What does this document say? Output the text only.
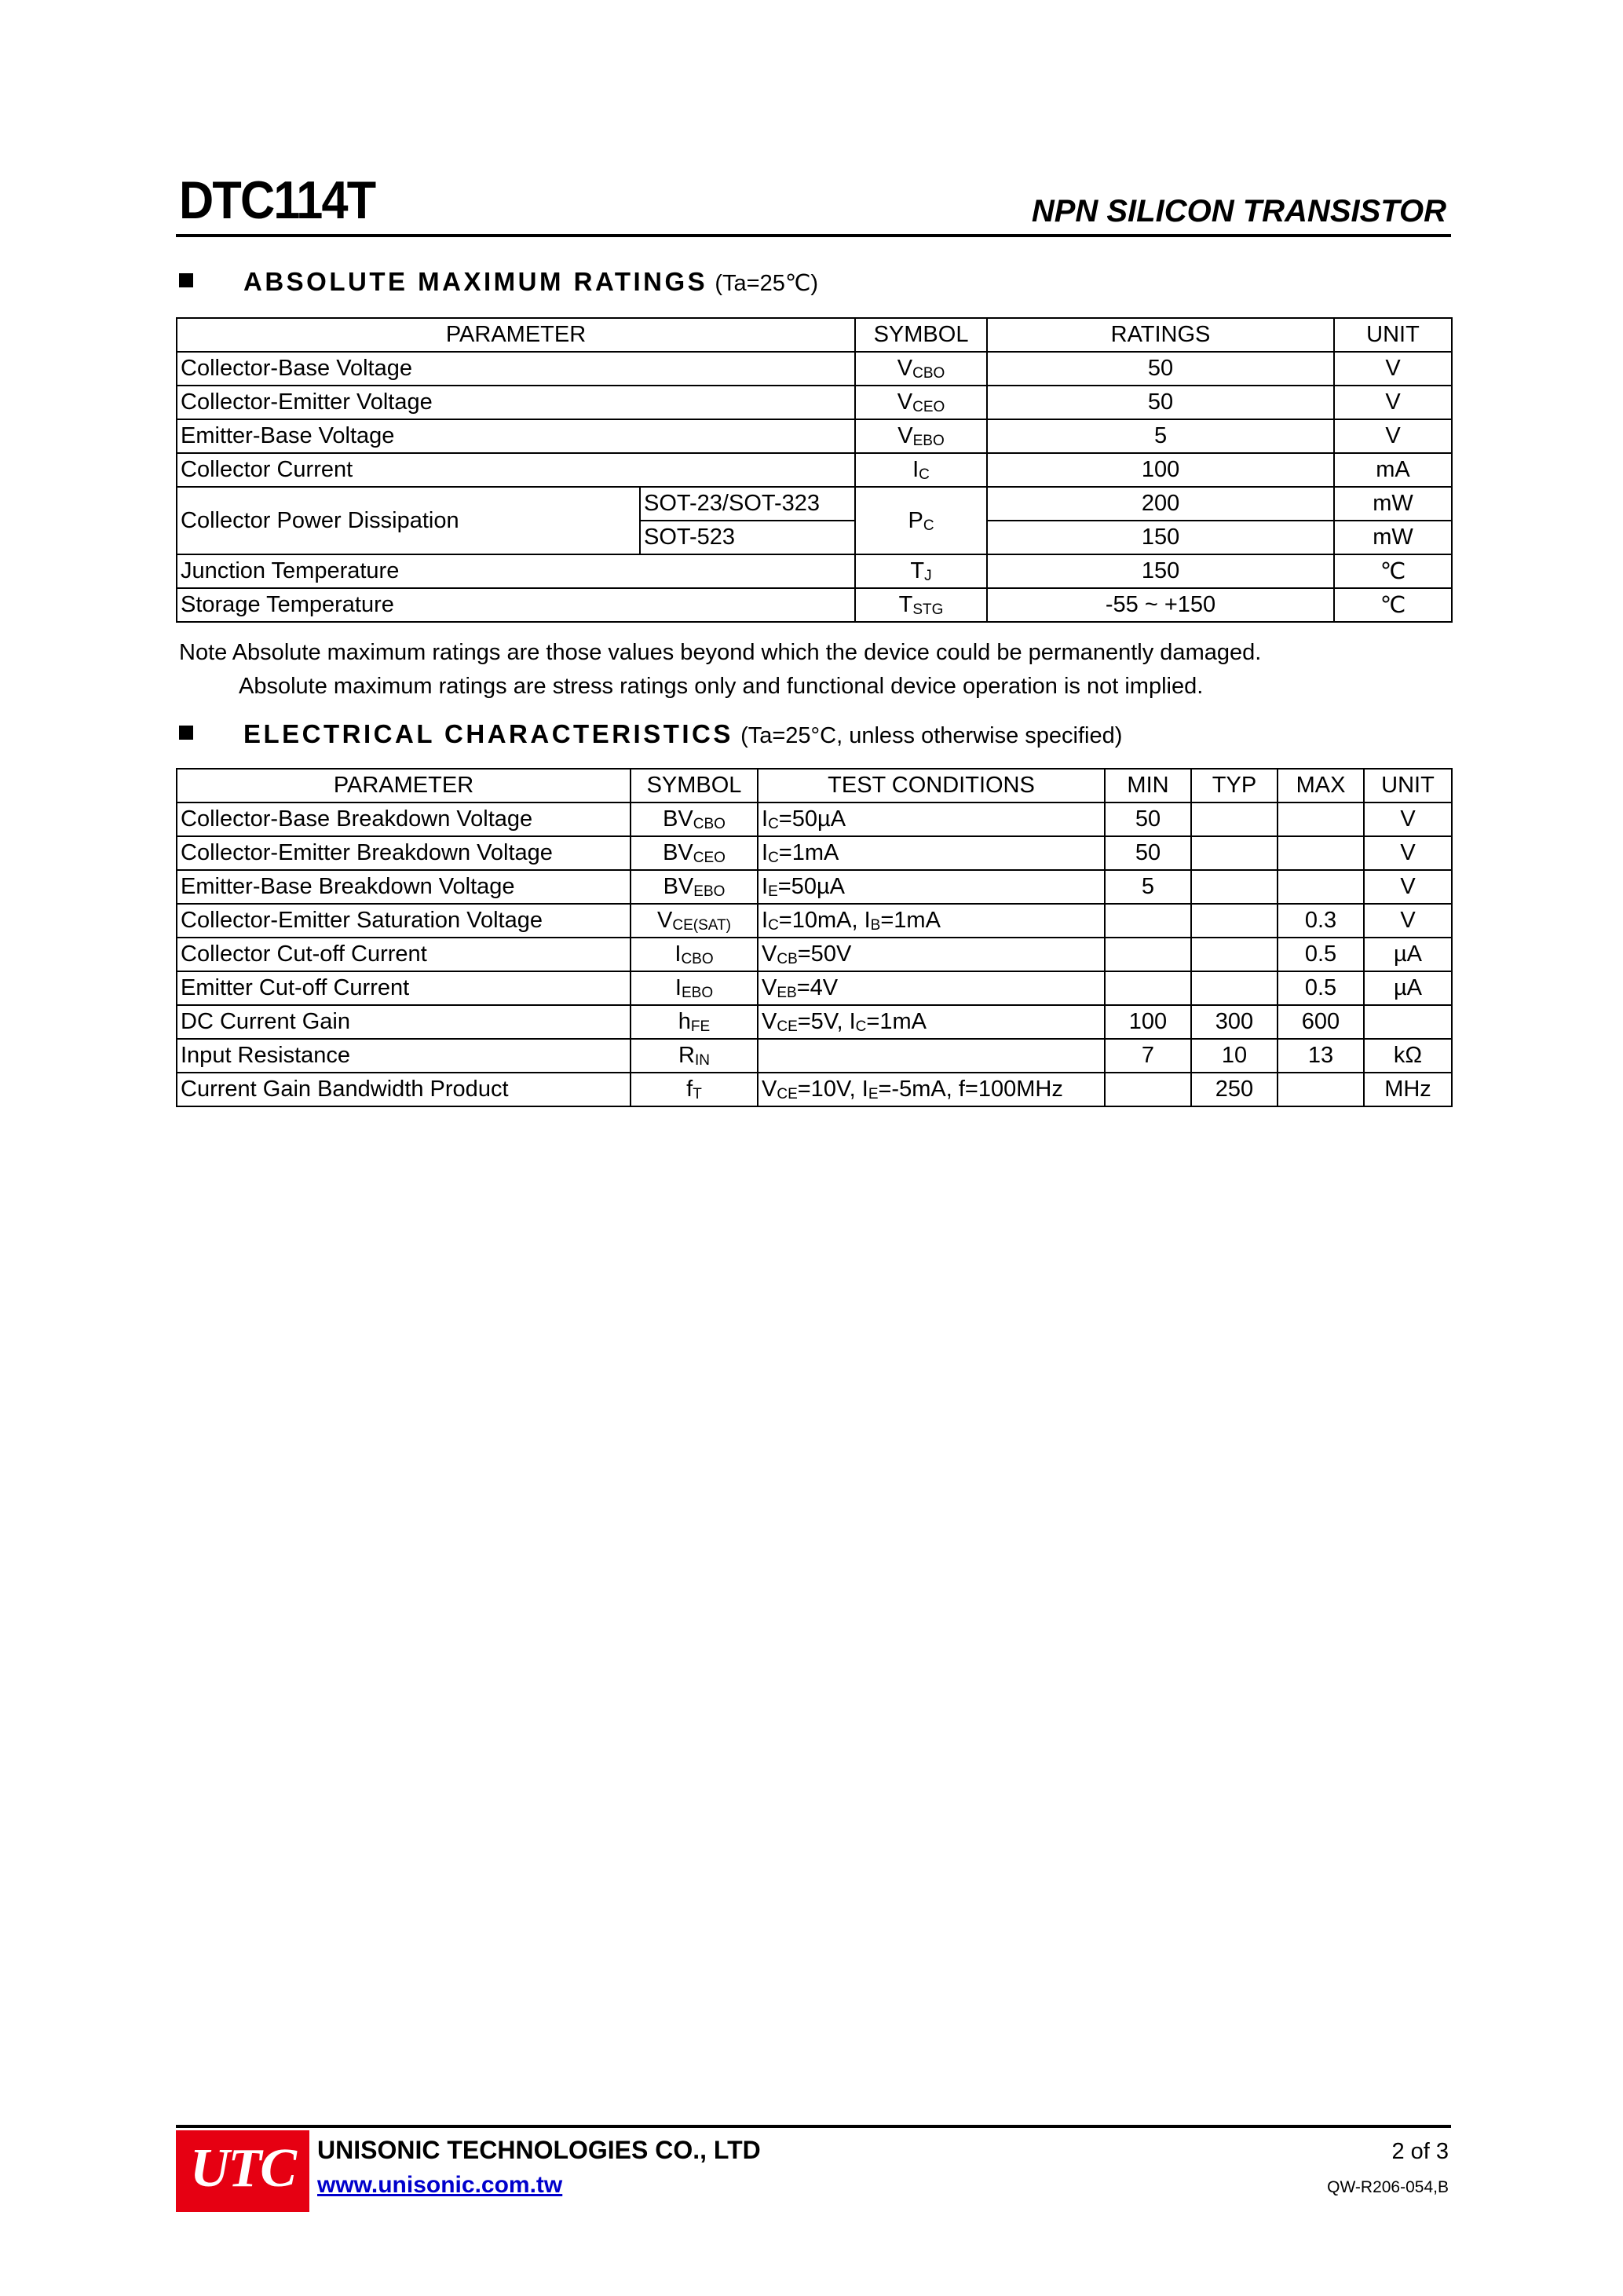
DTC114T	NPN SILICON TRANSISTOR
ABSOLUTE MAXIMUM RATINGS (Ta=25℃)
PARAMETER		SYMBOL	RATINGS	UNIT
Collector-Base Voltage		$V_{CBO}$	50	V
Collector-Emitter Voltage		$V_{CEO}$	50	V
Emitter-Base Voltage		$V_{EBO}$	5	V
Collector Current		$I_C$	100	mA
Collector Power Dissipation	SOT-23/SOT-323	$P_C$	200	mW
	SOT-523		150	mW
Junction Temperature		$T_J$	150	℃
Storage Temperature		$T_{STG}$	-55 ~ +150	℃
Note Absolute maximum ratings are those values beyond which the device could be permanently damaged.
Absolute maximum ratings are stress ratings only and functional device operation is not implied.
ELECTRICAL CHARACTERISTICS (Ta=25°C, unless otherwise specified)
PARAMETER	SYMBOL	TEST CONDITIONS	MIN	TYP	MAX	UNIT
Collector-Base Breakdown Voltage	$BV_{CBO}$	$I_C=50\mu A$	50			V
Collector-Emitter Breakdown Voltage	$BV_{CEO}$	$I_C=1mA$	50			V
Emitter-Base Breakdown Voltage	$BV_{EBO}$	$I_E=50\mu A$	5			V
Collector-Emitter Saturation Voltage	$V_{CE(SAT)}$	$I_C=10mA$, $I_B=1mA$			0.3	V
Collector Cut-off Current	$I_{CBO}$	$V_{CB}=50V$			0.5	µA
Emitter Cut-off Current	$I_{EBO}$	$V_{EB}=4V$			0.5	µA
DC Current Gain	$h_{FE}$	$V_{CE}=5V$, $I_C=1mA$	100	300	600	
Input Resistance	$R_{IN}$		7	10	13	kΩ
Current Gain Bandwidth Product	$f_T$	$V_{CE}=10V$, $I_E=-5mA$, f=100MHz		250		MHz
UTC UNISONIC TECHNOLOGIES CO., LTD
www.unisonic.com.tw
2 of 3
QW-R206-054,B
